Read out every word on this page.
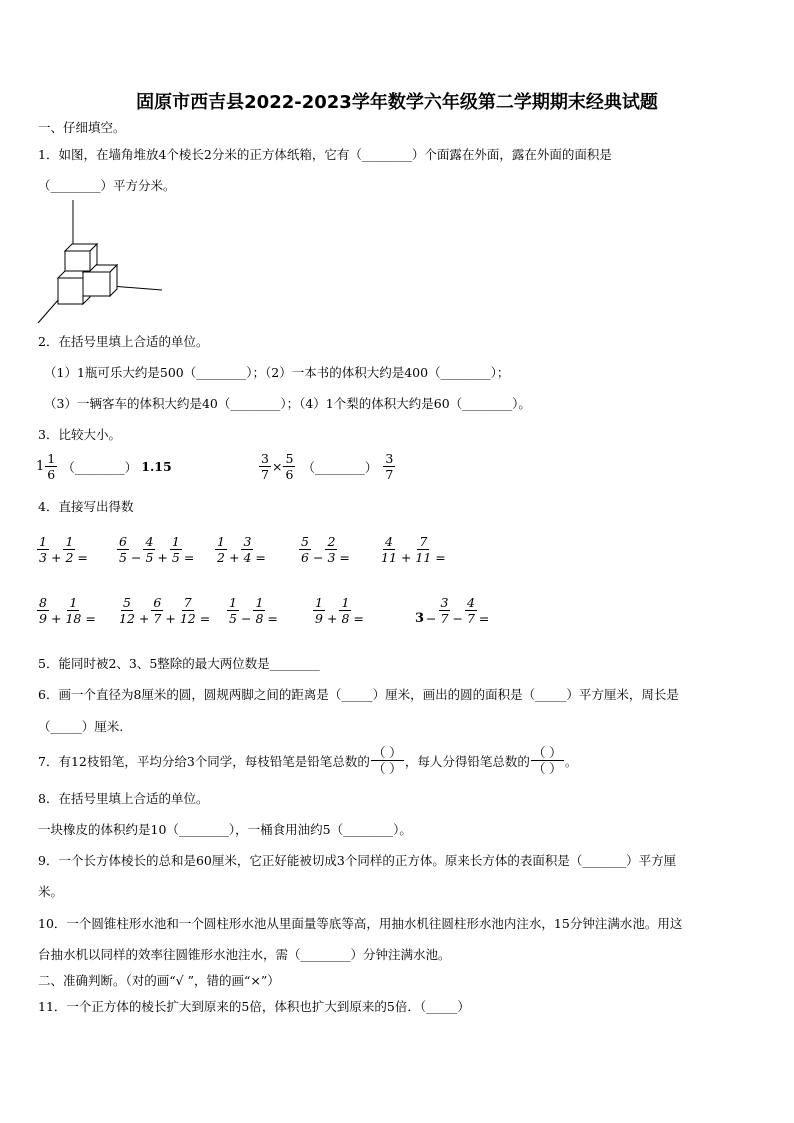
固原市西吉县2022-2023学年数学六年级第二学期期末经典试题
一、仔细填空。
1．如图，在墙角堆放4个棱长2分米的正方体纸箱，它有（________）个面露在外面，露在外面的面积是
（________）平方分米。
2．在括号里填上合适的单位。
（1）1瓶可乐大约是500（________）；（2）一本书的体积大约是400（________）；
（3）一辆客车的体积大约是40（________）；（4）1个梨的体积大约是60（________）。
3．比较大小。
$1 \frac{1}{6}$ （________） 1.15	$\frac{3}{7} \times \frac{5}{6}$ （________） $\frac{3}{7}$
4．直接写出得数
$\frac{1}{3} + \frac{1}{2} = \frac{6}{5} - \frac{4}{5} + \frac{1}{5} = \frac{1}{2} + \frac{3}{4}$ =	$\frac{5}{6} - \frac{2}{3} = \frac{4}{11} + \frac{7}{11}$ =
$\frac{8}{9} + \frac{1}{18} = \frac{5}{12} + \frac{6}{7} + \frac{7}{12} = \frac{1}{5} - \frac{1}{8}$ =	$\frac{1}{9} + \frac{1}{8}$ =	$3 - \frac{3}{7} - \frac{4}{7}$ =
5．能同时被2、3、5整除的最大两位数是________
6．画一个直径为8厘米的圆，圆规两脚之间的距离是（_____）厘米，画出的圆的面积是（_____）平方厘米，周长是
（_____）厘米.
7．有12枝铅笔，平均分给3个同学，每枝铅笔是铅笔总数的 $\frac{( )}{( )}$ ，每人分得铅笔总数的 $\frac{( )}{( )}$ 。
8．在括号里填上合适的单位。
一块橡皮的体积约是10（________），一桶食用油约5（________）。
9．一个长方体棱长的总和是60厘米，它正好能被切成3个同样的正方体。原来长方体的表面积是（_______）平方厘
米。
10．一个圆锥柱形水池和一个圆柱形水池从里面量等底等高，用抽水机往圆柱形水池内注水，15分钟注满水池。用这
台抽水机以同样的效率往圆锥形水池注水，需（________）分钟注满水池。
二、准确判断。（对的画“√ ”，错的画“×”）
11．一个正方体的棱长扩大到原来的5倍，体积也扩大到原来的5倍．（_____）
